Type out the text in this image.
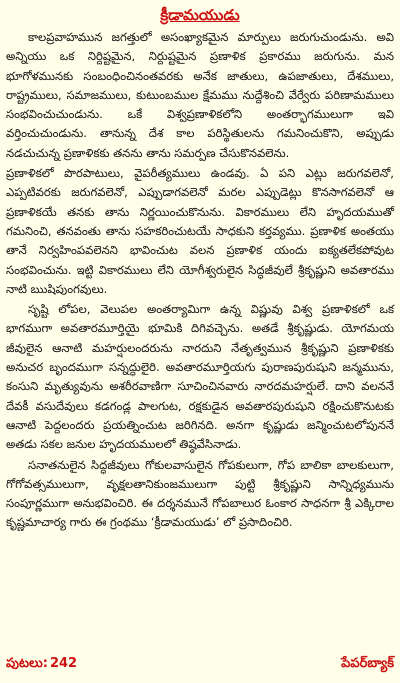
క్రీడామయుడు

కాలప్రవాహమున జగత్తులో అసంఖ్యాకమైన మార్పులు జరుగుచుండును. అవి అన్నియు ఒక నిర్దిష్టమైన, నిర్దుష్టమైన ప్రణాళిక ప్రకారము జరుగును. మన భూగోళమునకు సంబంధించినంతవరకు అనేక జాతులు, ఉపజాతులు, దేశములు, రాష్ట్రములు, సమాజములు, కుటుంబముల క్షేమము నుద్దేశించి వేర్వేరు పరిణామములు సంభవించుచుండును. ఒకే విశ్వప్రణాళికలోని అంతర్భాగములుగా ఇవి వర్తించుచుండును. తానున్న దేశ కాల పరిస్థితులను గమనించుకొని, అప్పుడు నడచుచున్న ప్రణాళికకు తనను తాను సమర్పణ చేసుకొనవలెను.

ప్రణాళికలో పొరపాటులు, వైపరీత్యములు ఉండవు. ఏ పని ఎట్లు జరుగవలెనో, ఎప్పటివరకు జరుగవలెనో, ఎప్పుడాగవలెనో మరల ఎప్పుడెట్లు కొనసాగవలెనో ఆ ప్రణాళికయే తనకు తాను నిర్ణయించుకొనును. వికారములు లేని హృదయముతో గమనించి, తనవంతు తాను సహకరించుటయే సాధకుని కర్తవ్యము. ప్రణాళిక అంతయు తానే నిర్వహింపవలెనని భావించుట వలన ప్రణాళిక యందు ఐక్యతలేకపోవుట సంభవించును. ఇట్టి వికారములు లేని యోగీశ్వరులైన సిద్ధజీవులే శ్రీకృష్ణుని అవతారము నాటి ఋషిపుంగవులు.

సృష్టి లోపల, వెలుపల అంతర్యామిగా ఉన్న విష్ణువు విశ్వ ప్రణాళికలో ఒక భాగముగా అవతారమూర్తియై భూమికి దిగివచ్చెను. అతడే శ్రీకృష్ణుడు. యోగమయ జీవులైన ఆనాటి మహర్షులందరును నారదుని నేతృత్వమున శ్రీకృష్ణుని ప్రణాళికకు అనుచర బృందముగా సన్నద్ధులైరి. అవతారమూర్తియగు పురాణపురుషుని జన్మమును, కంసుని మృత్యువును అశరీరవాణిగా సూచించినవారు నారదమహర్షులే. దాని వలననే దేవకీ వసుదేవులు కడగండ్ల పాలగుట, రక్షకుడైన అవతారపురుషుని రక్షించుకొనుటకు ఆనాటి పెద్దలందరు ప్రయత్నించుట జరిగినది. అనగా కృష్ణుడు జన్మించుటలోపుననే అతడు సకల జనుల హృదయములలో తిష్ఠవేసినాడు.

సనాతనులైన సిద్ధజీవులు గోకులవాసులైన గోపకులుగా, గోప బాలికా బాలకులుగా, గోగోవత్సములుగా, వృక్షలతానికుంజములుగా పుట్టి శ్రీకృష్ణుని సాన్నిధ్యమును సంపూర్ణముగా అనుభవించిరి. ఈ దర్శనమునే గోపబాలుర ఓంకార సాధనగా శ్రీ ఎక్కిరాల కృష్ణమాచార్య గారు ఈ గ్రంథము ‘క్రీడామయుడు’ లో ప్రసాదించిరి.

పుటలు: 242	పేపర్‌బ్యాక్
